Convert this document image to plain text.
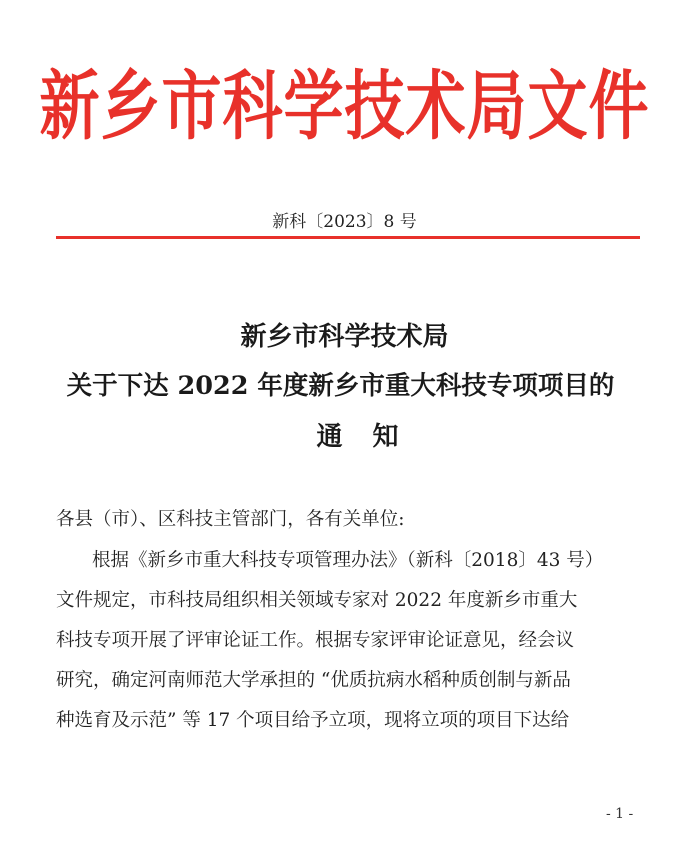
新乡市科学技术局文件
新科〔2023〕8 号
新乡市科学技术局
关于下达 2022 年度新乡市重大科技专项项目的
通知
各县（市）、区科技主管部门，各有关单位:
根据《新乡市重大科技专项管理办法》（新科〔2018〕43 号）
文件规定，市科技局组织相关领域专家对 2022 年度新乡市重大
科技专项开展了评审论证工作。根据专家评审论证意见，经会议
研究，确定河南师范大学承担的 “优质抗病水稻种质创制与新品
种选育及示范” 等 17 个项目给予立项，现将立项的项目下达给
- 1 -
